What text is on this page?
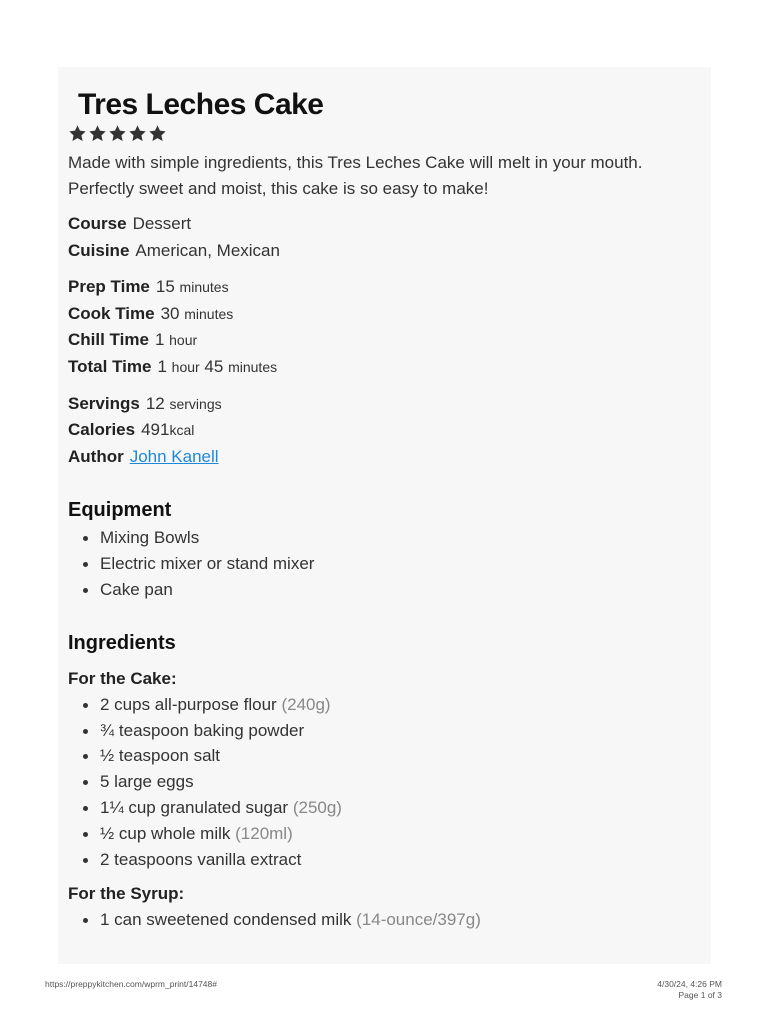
Tres Leches Cake

Made with simple ingredients, this Tres Leches Cake will melt in your mouth. Perfectly sweet and moist, this cake is so easy to make!

Course Dessert
Cuisine American, Mexican
Prep Time 15 minutes
Cook Time 30 minutes
Chill Time 1 hour
Total Time 1 hour 45 minutes
Servings 12 servings
Calories 491kcal
Author John Kanell
Equipment
Mixing Bowls
Electric mixer or stand mixer
Cake pan
Ingredients
For the Cake:
2 cups all-purpose flour (240g)
¾ teaspoon baking powder
½ teaspoon salt
5 large eggs
1¼ cup granulated sugar (250g)
½ cup whole milk (120ml)
2 teaspoons vanilla extract
For the Syrup:
1 can sweetened condensed milk (14-ounce/397g)
https://preppykitchen.com/wprm_print/14748#	4/30/24, 4:26 PM
Page 1 of 3
